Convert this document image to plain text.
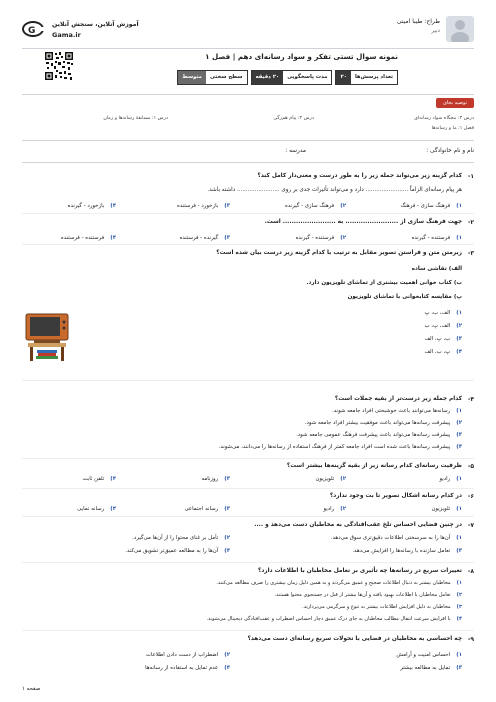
G
آموزش آنلاین، سنجش آنلاین
Gama.ir
طراح: طیبا امینی
دبیر
نمونه سوال تستی تفکر و سواد رسانه‌ای دهم | فصل ۱
تعداد پرسش‌ها
۲۰
مدت پاسخگویی
۲۰ دقیقه
سطح سختی
متوسط
توصیه بجای
درس ۳: بنجگاه سواد رسانه‌ای
درس ۲: پیام هم‌رگی
درس ۱: مسابقهٔ رسانه‌ها و زمان
فصل ۱: ما و رسانه‌ها
نام و نام خانوادگی :
مدرسه :
۱-
کدام گزینه زیر می‌تواند جمله زیر را به طور درست و معنی‌دار کامل کند؟
هر پیام رسانه‌ای الزاماً ........................ دارد و می‌تواند تأثیرات جدی بر روی ........................ داشته باشد.
۱)
فرهنگ سازی - فرهنگ
۲)
فرهنگ سازی - گیرنده
۳)
بازخورد - فرستنده
۴)
بازخورد - گیرنده
۲-
جهت فرهنگ سازی از ........................ به ........................ است.
۱)
فرستنده - گیرنده
۲)
فرستنده - گیرنده
۳)
گیرنده - فرستنده
۴)
فرستنده - فرستنده
۳-
زیرمتن متن و فراستن تصویر مقابل به ترتیب با کدام گزینه زیر درست بیان شده است؟
الف) تقاشی ساده
ب) کتاب خوانی اهمیت بیشتری از تماشای تلویزیون دارد.
پ) مقایسه کتابخوانی با تماشای تلویزیون
۱)
الف، ب، پ
۲)
الف، پ، ب
۳)
ب، پ، الف
۴)
پ، ب، الف
۴-
کدام جمله زیر درست‌تر از بقیه جملات است؟
۱)
رسانه‌ها می‌توانند باعث خوشبختی افراد جامعه شوند.
۲)
پیشرفت رسانه‌ها می‌تواند باعث موفقیت بیشتر افراد جامعه شود.
۳)
پیشرفت رسانه‌ها می‌تواند باعث پیشرفت فرهنگ عمومی جامعه شود.
۴)
پیشرفت رسانه‌ها باعث شده است افراد جامعه کمتر از فرهنگ استفاده از رسانه‌ها را می‌دانند، می‌شوند.
۵-
ظرفیت رسانه‌ای کدام رسانه زیر از بقیه گزینه‌ها بیشتر است؟
۱)
رادیو
۲)
تلویزیون
۳)
روزنامه
۴)
تلفن ثابت
۶-
در کدام رسانه اشکال تصویر تا بت وجود ندارد؟
۱)
تلویزیون
۲)
رادیو
۳)
رسانه اجتماعی
۴)
رسانه نمایی
۷-
در چنین فضایی احساس تلخ عقب‌افتادگی به مخاطبان دست می‌دهد و ....
۱)
آن‌ها را به سرسختی اطلاعات دقیق‌تری سوق می‌دهد.
۲)
تأمل بر غنای محتوا را از آن‌ها می‌گیرد.
۳)
تعامل سازنده با رسانه‌ها را افزایش می‌دهد.
۴)
آن‌ها را به مطالعه عمیق‌تر تشویق می‌کند.
۸-
تغییرات سریع در رسانه‌ها چه تأثیری بر تعامل مخاطبان با اطلاعات دارد؟
۱)
مخاطبان بیشتر به دنبال اطلاعات صحیح و عمیق می‌گردند و به همین دلیل زمان بیشتری را صرف مطالعه می‌کنند.
۲)
تعامل مخاطبان با اطلاعات بهبود یافته و آن‌ها بیشتر از قبل در جستجوی محتوا هستند.
۳)
مخاطبان به دلیل افزایش اطلاعات بیشتر به تنوع و سرگرمی می‌پردازند.
۴)
با افزایش سرعت انتقال مطالب مخاطبان به جای درک عمیق دچار احساس اضطراب و عقب‌افتادگی دیجیتال می‌شوند.
۹-
چه احساسی به مخاطبان در فضایی با تحولات سریع رسانه‌ای دست می‌دهد؟
۱)
احساس امنیت و آرامش
۲)
اضطراب از دست دادن اطلاعات
۳)
تمایل به مطالعه بیشتر
۴)
عدم تمایل به استفاده از رسانه‌ها
صفحه ۱
